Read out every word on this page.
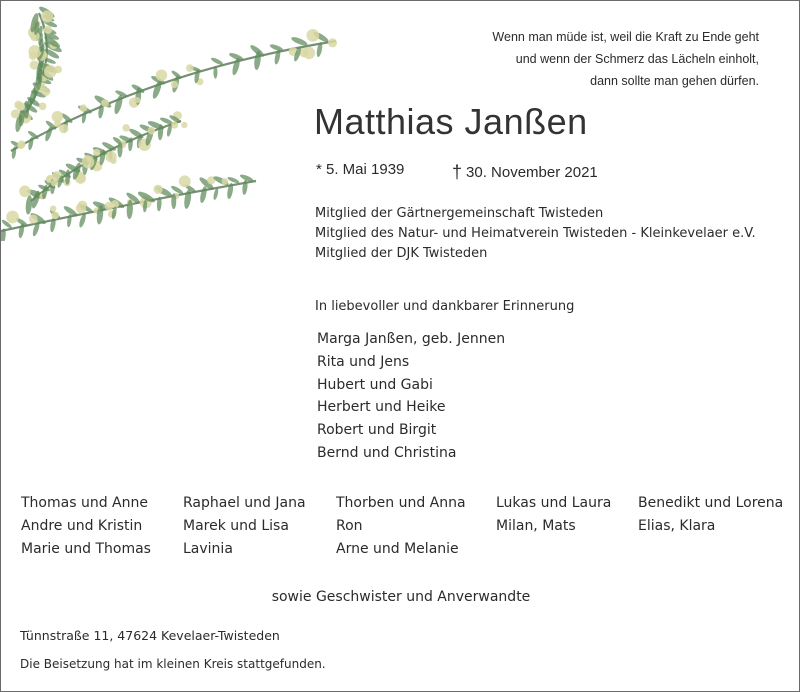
Wenn man müde ist, weil die Kraft zu Ende geht
und wenn der Schmerz das Lächeln einholt,
dann sollte man gehen dürfen.
Matthias Janßen
* 5. Mai 1939	† 30. November 2021
Mitglied der Gärtnergemeinschaft Twisteden
Mitglied des Natur- und Heimatverein Twisteden - Kleinkevelaer e.V.
Mitglied der DJK Twisteden
In liebevoller und dankbarer Erinnerung
Marga Janßen, geb. Jennen
Rita und Jens
Hubert und Gabi
Herbert und Heike
Robert und Birgit
Bernd und Christina
Thomas und Anne
Andre und Kristin
Marie und Thomas
Raphael und Jana
Marek und Lisa
Lavinia
Thorben und Anna
Ron
Arne und Melanie
Lukas und Laura
Milan, Mats
Benedikt und Lorena
Elias, Klara
sowie Geschwister und Anverwandte
Tünnstraße 11, 47624 Kevelaer-Twisteden
Die Beisetzung hat im kleinen Kreis stattgefunden.
